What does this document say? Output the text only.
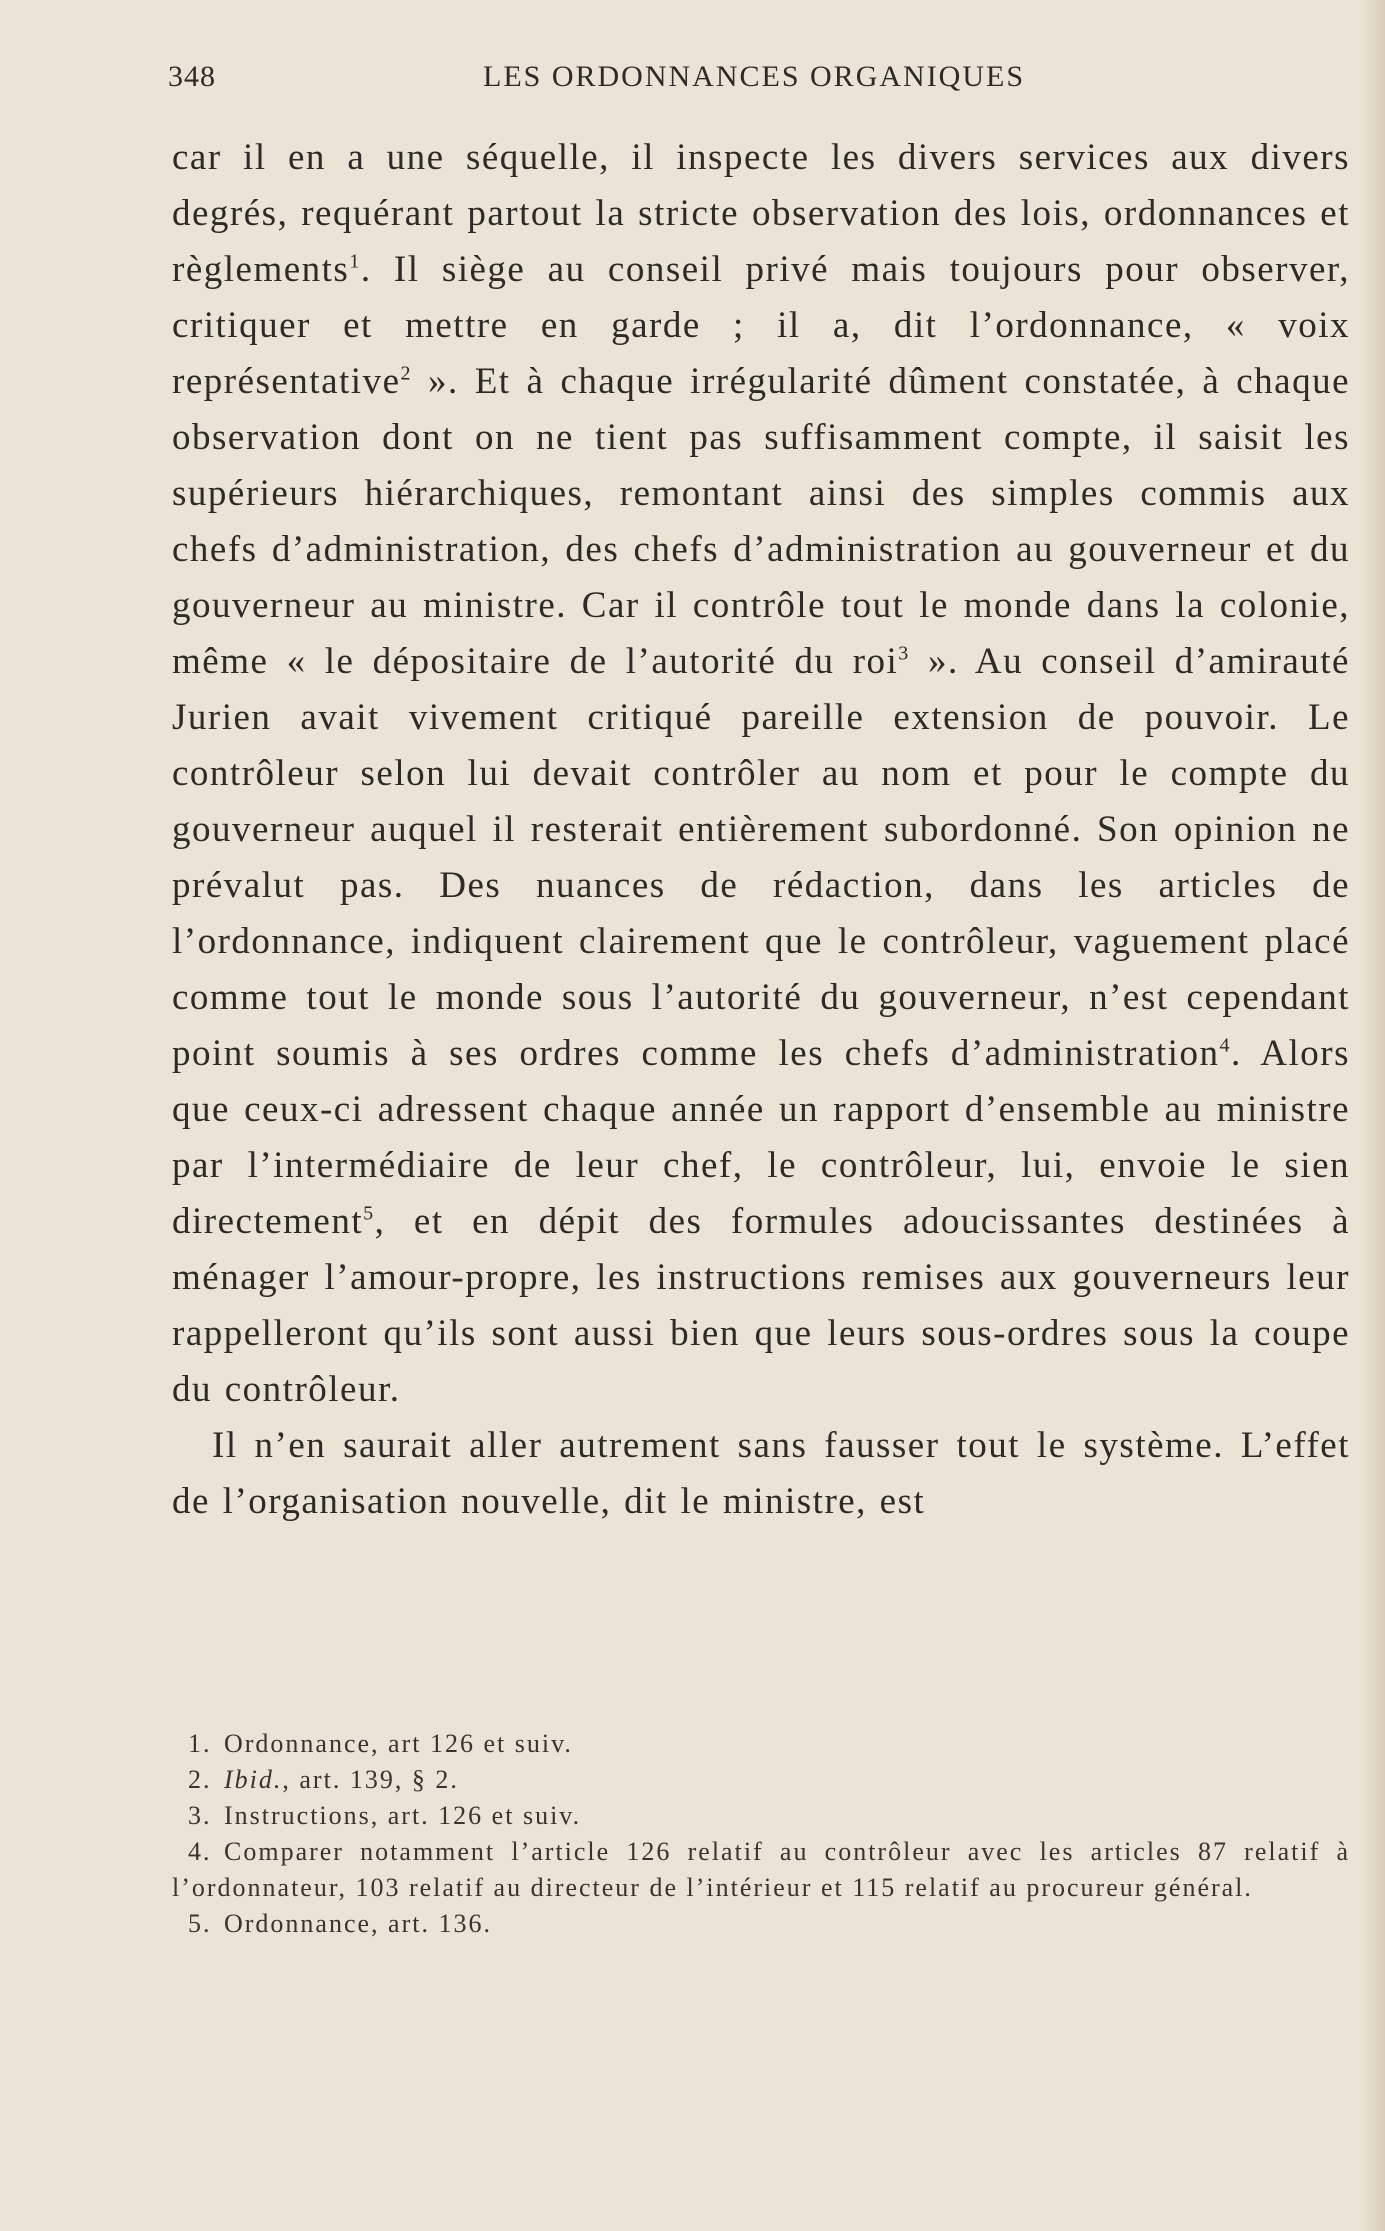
348	LES ORDONNANCES ORGANIQUES

car il en a une séquelle, il inspecte les divers services aux divers degrés, requérant partout la stricte observation des lois, ordonnances et règlements$^1$. Il siège au conseil privé mais toujours pour observer, critiquer et mettre en garde ; il a, dit l’ordonnance, « voix représentative$^2$ ». Et à chaque irrégularité dûment constatée, à chaque observation dont on ne tient pas suffisamment compte, il saisit les supérieurs hiérarchiques, remontant ainsi des simples commis aux chefs d’administration, des chefs d’administration au gouverneur et du gouverneur au ministre. Car il contrôle tout le monde dans la colonie, même « le dépositaire de l’autorité du roi$^3$ ». Au conseil d’amirauté Jurien avait vivement critiqué pareille extension de pouvoir. Le contrôleur selon lui devait contrôler au nom et pour le compte du gouverneur auquel il resterait entièrement subordonné. Son opinion ne prévalut pas. Des nuances de rédaction, dans les articles de l’ordonnance, indiquent clairement que le contrôleur, vaguement placé comme tout le monde sous l’autorité du gouverneur, n’est cependant point soumis à ses ordres comme les chefs d’administration$^4$. Alors que ceux-ci adressent chaque année un rapport d’ensemble au ministre par l’intermédiaire de leur chef, le contrôleur, lui, envoie le sien directement$^5$, et en dépit des formules adoucissantes destinées à ménager l’amour-propre, les instructions remises aux gouverneurs leur rappelleront qu’ils sont aussi bien que leurs sous-ordres sous la coupe du contrôleur.

Il n’en saurait aller autrement sans fausser tout le système. L’effet de l’organisation nouvelle, dit le ministre, est

1. Ordonnance, art 126 et suiv.

2. Ibid., art. 139, § 2.

3. Instructions, art. 126 et suiv.

4. Comparer notamment l’article 126 relatif au contrôleur avec les articles 87 relatif à l’ordonnateur, 103 relatif au directeur de l’intérieur et 115 relatif au procureur général.

5. Ordonnance, art. 136.
